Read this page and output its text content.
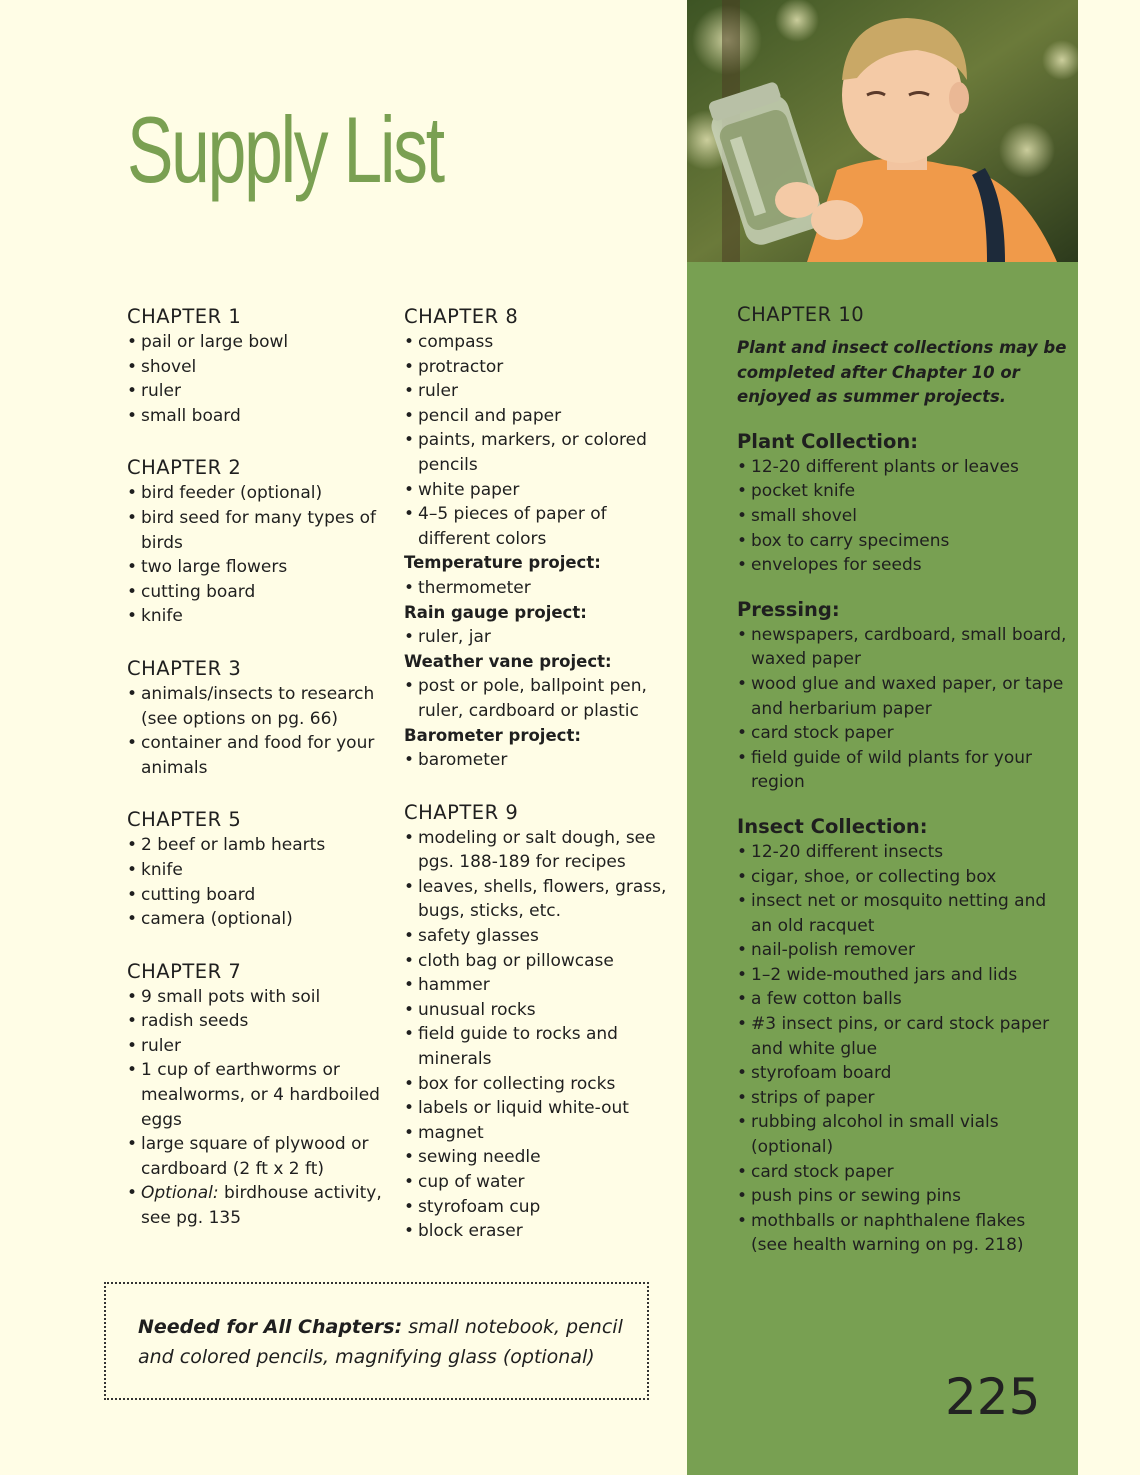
Supply List
CHAPTER 1
• pail or large bowl
• shovel
• ruler
• small board
CHAPTER 2
• bird feeder (optional)
• bird seed for many types of birds
• two large flowers
• cutting board
• knife
CHAPTER 3
• animals/insects to research (see options on pg. 66)
• container and food for your animals
CHAPTER 5
• 2 beef or lamb hearts
• knife
• cutting board
• camera (optional)
CHAPTER 7
• 9 small pots with soil
• radish seeds
• ruler
• 1 cup of earthworms or mealworms, or 4 hardboiled eggs
• large square of plywood or cardboard (2 ft x 2 ft)
• Optional: birdhouse activity, see pg. 135
CHAPTER 8
• compass
• protractor
• ruler
• pencil and paper
• paints, markers, or colored pencils
• white paper
• 4–5 pieces of paper of different colors
Temperature project:
• thermometer
Rain gauge project:
• ruler, jar
Weather vane project:
• post or pole, ballpoint pen, ruler, cardboard or plastic
Barometer project:
• barometer
CHAPTER 9
• modeling or salt dough, see pgs. 188-189 for recipes
• leaves, shells, flowers, grass, bugs, sticks, etc.
• safety glasses
• cloth bag or pillowcase
• hammer
• unusual rocks
• field guide to rocks and minerals
• box for collecting rocks
• labels or liquid white-out
• magnet
• sewing needle
• cup of water
• styrofoam cup
• block eraser
CHAPTER 10
Plant and insect collections may be completed after Chapter 10 or enjoyed as summer projects.
Plant Collection:
• 12-20 different plants or leaves
• pocket knife
• small shovel
• box to carry specimens
• envelopes for seeds
Pressing:
• newspapers, cardboard, small board, waxed paper
• wood glue and waxed paper, or tape and herbarium paper
• card stock paper
• field guide of wild plants for your region
Insect Collection:
• 12-20 different insects
• cigar, shoe, or collecting box
• insect net or mosquito netting and an old racquet
• nail-polish remover
• 1–2 wide-mouthed jars and lids
• a few cotton balls
• #3 insect pins, or card stock paper and white glue
• styrofoam board
• strips of paper
• rubbing alcohol in small vials (optional)
• card stock paper
• push pins or sewing pins
• mothballs or naphthalene flakes (see health warning on pg. 218)
225
Needed for All Chapters: small notebook, pencil and colored pencils, magnifying glass (optional)
